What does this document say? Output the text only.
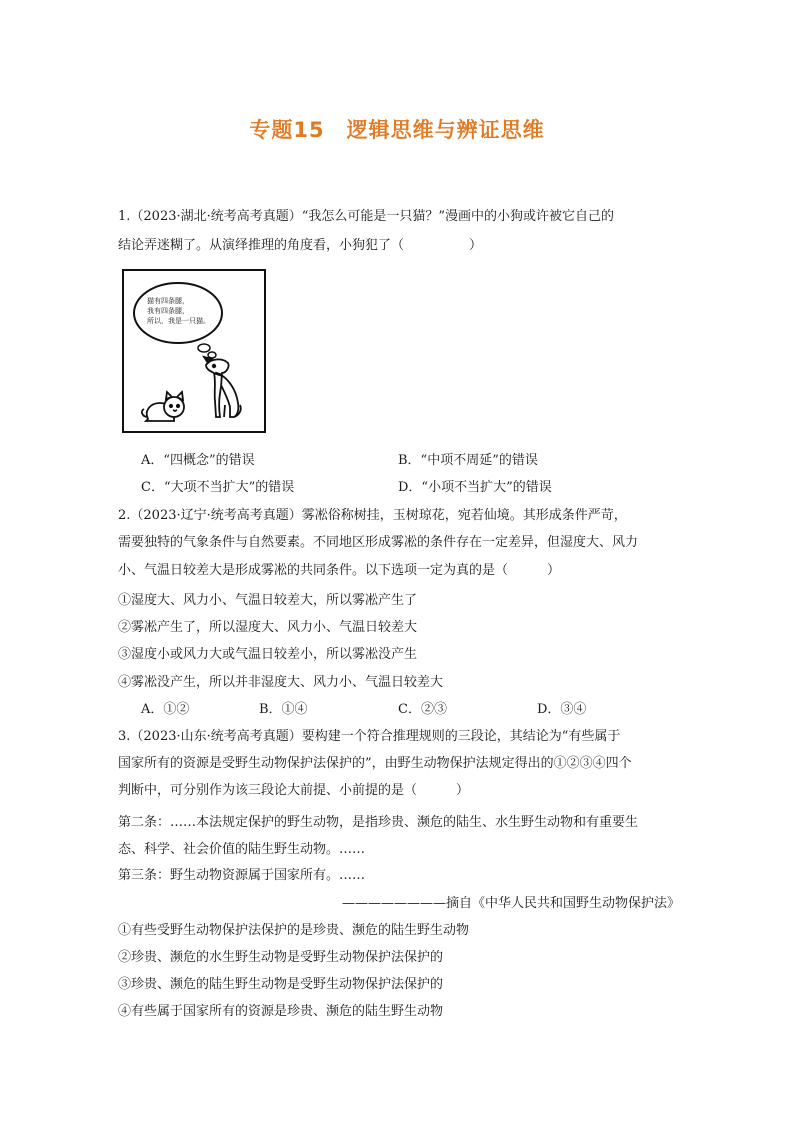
专题15　逻辑思维与辨证思维
1.（2023·湖北·统考高考真题）“我怎么可能是一只猫？”漫画中的小狗或许被它自己的
结论弄迷糊了。从演绎推理的角度看，小狗犯了（　　　　　）
猫有四条腿，
我有四条腿，
所以，我是一只猫。
A．“四概念”的错误	B．“中项不周延”的错误
C．“大项不当扩大”的错误	D．“小项不当扩大”的错误
2.（2023·辽宁·统考高考真题）雾凇俗称树挂，玉树琼花，宛若仙境。其形成条件严苛，
需要独特的气象条件与自然要素。不同地区形成雾凇的条件存在一定差异，但湿度大、风力
小、气温日较差大是形成雾凇的共同条件。以下选项一定为真的是（　　　）
①湿度大、风力小、气温日较差大，所以雾凇产生了
②雾凇产生了，所以湿度大、风力小、气温日较差大
③湿度小或风力大或气温日较差小，所以雾凇没产生
④雾凇没产生，所以并非湿度大、风力小、气温日较差大
A．①②	B．①④	C．②③	D．③④
3.（2023·山东·统考高考真题）要构建一个符合推理规则的三段论，其结论为“有些属于
国家所有的资源是受野生动物保护法保护的”，由野生动物保护法规定得出的①②③④四个
判断中，可分别作为该三段论大前提、小前提的是（　　　）
第二条：……本法规定保护的野生动物，是指珍贵、濒危的陆生、水生野生动物和有重要生
态、科学、社会价值的陆生野生动物。……
第三条：野生动物资源属于国家所有。……
————————摘自《中华人民共和国野生动物保护法》
①有些受野生动物保护法保护的是珍贵、濒危的陆生野生动物
②珍贵、濒危的水生野生动物是受野生动物保护法保护的
③珍贵、濒危的陆生野生动物是受野生动物保护法保护的
④有些属于国家所有的资源是珍贵、濒危的陆生野生动物
